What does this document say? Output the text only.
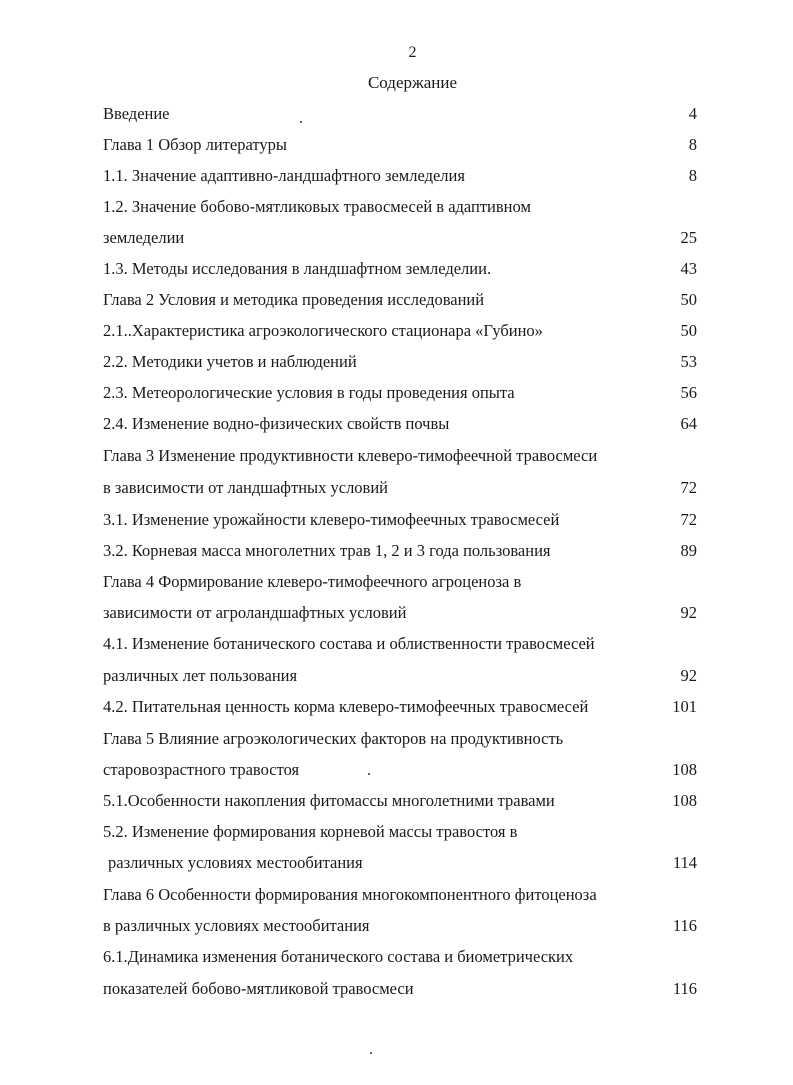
2
Содержание
Введение	4
Глава 1 Обзор литературы	8
1.1. Значение адаптивно-ландшафтного земледелия	8
1.2. Значение бобово-мятликовых травосмесей в адаптивном
земледелии	25
1.3. Методы исследования в ландшафтном земледелии.	43
Глава 2 Условия и методика проведения исследований	50
2.1..Характеристика агроэкологического стационара «Губино»	50
2.2. Методики учетов и наблюдений	53
2.3. Метеорологические условия в годы проведения опыта	56
2.4. Изменение водно-физических свойств почвы	64
Глава 3 Изменение продуктивности клеверо-тимофеечной травосмеси
в зависимости от ландшафтных условий	72
3.1. Изменение урожайности клеверо-тимофеечных травосмесей	72
3.2. Корневая масса многолетних трав 1, 2 и 3 года пользования	89
Глава 4 Формирование клеверо-тимофеечного агроценоза в
зависимости от агроландшафтных условий	92
4.1. Изменение ботанического состава и облиственности травосмесей
различных лет пользования	92
4.2. Питательная ценность корма клеверо-тимофеечных травосмесей	101
Глава 5 Влияние агроэкологических факторов на продуктивность
старовозрастного травостоя	108
5.1.Особенности накопления фитомассы многолетними травами	108
5.2. Изменение формирования корневой массы травостоя в
различных условиях местообитания	114
Глава 6 Особенности формирования многокомпонентного фитоценоза
в различных условиях местообитания	116
6.1.Динамика изменения ботанического состава и биометрических
показателей бобово-мятликовой травосмеси	116
